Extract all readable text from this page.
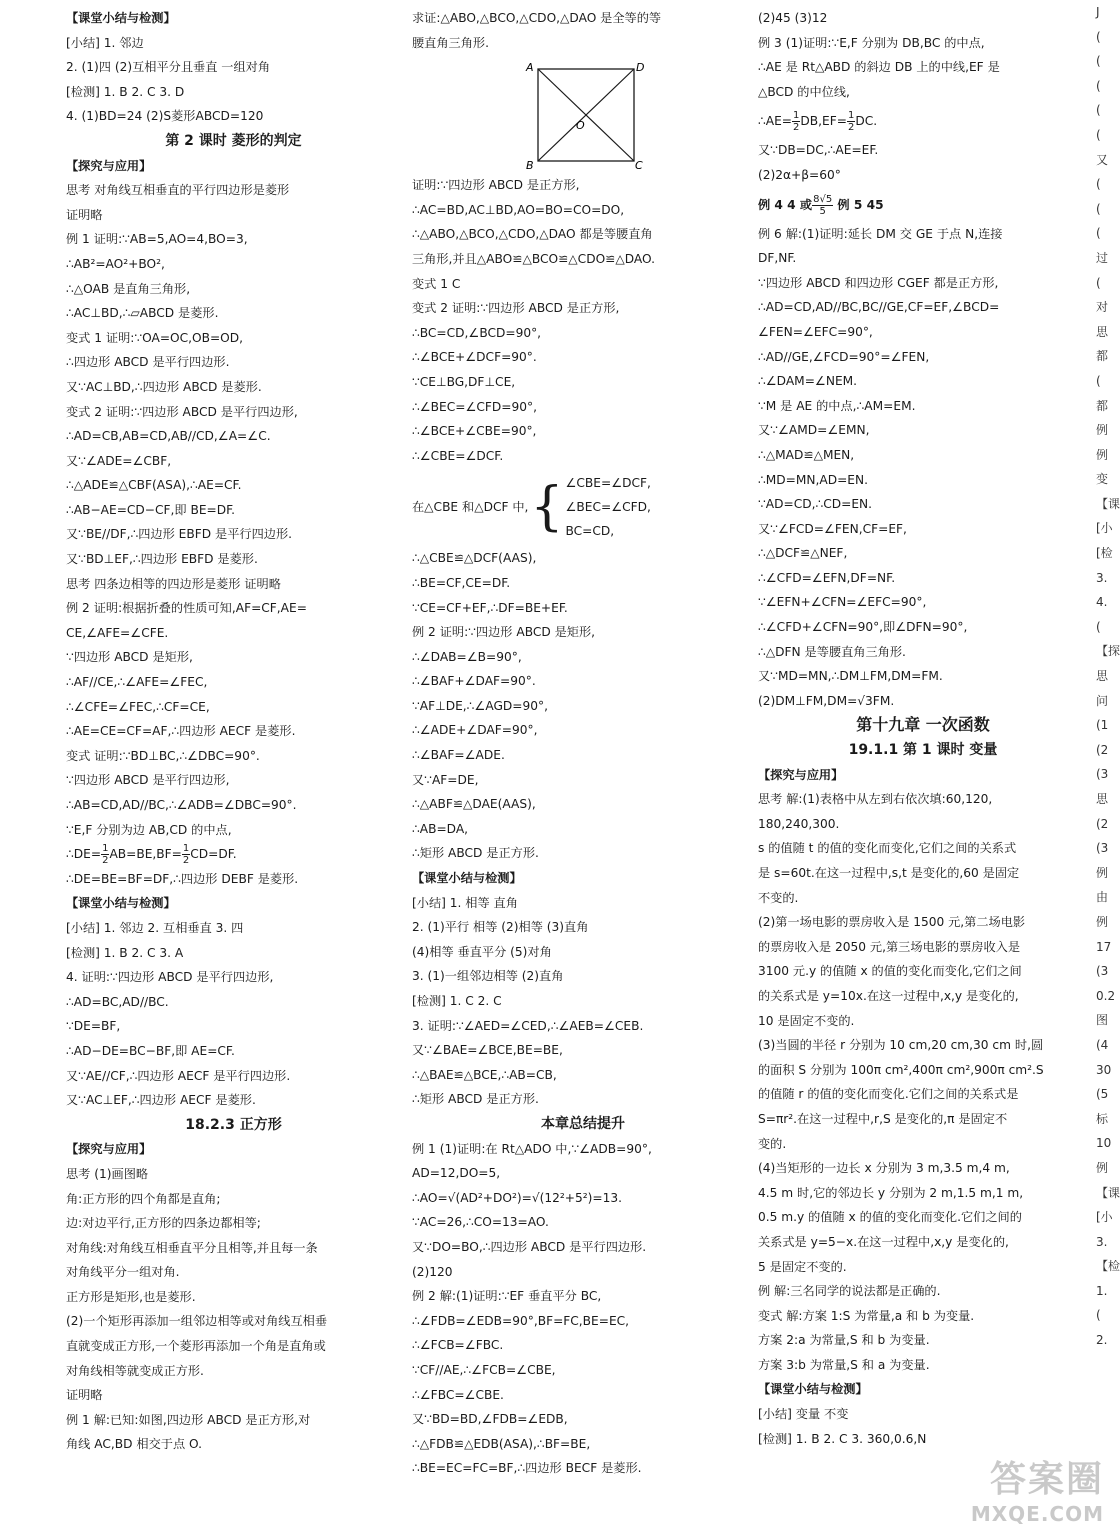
【课堂小结与检测】
[小结] 1. 邻边
2. (1)四 (2)互相平分且垂直 一组对角
[检测] 1. B 2. C 3. D
4. (1)BD=24 (2)S菱形ABCD=120
第 2 课时 菱形的判定
【探究与应用】
思考 对角线互相垂直的平行四边形是菱形
证明略
例 1 证明:∵AB=5,AO=4,BO=3,
∴AB²=AO²+BO²,
∴△OAB 是直角三角形,
∴AC⊥BD,∴▱ABCD 是菱形.
变式 1 证明:∵OA=OC,OB=OD,
∴四边形 ABCD 是平行四边形.
又∵AC⊥BD,∴四边形 ABCD 是菱形.
变式 2 证明:∵四边形 ABCD 是平行四边形,
∴AD=CB,AB=CD,AB//CD,∠A=∠C.
又∵∠ADE=∠CBF,
∴△ADE≌△CBF(ASA),∴AE=CF.
∴AB−AE=CD−CF,即 BE=DF.
又∵BE//DF,∴四边形 EBFD 是平行四边形.
又∵BD⊥EF,∴四边形 EBFD 是菱形.
思考 四条边相等的四边形是菱形 证明略
例 2 证明:根据折叠的性质可知,AF=CF,AE=
CE,∠AFE=∠CFE.
∵四边形 ABCD 是矩形,
∴AF//CE,∴∠AFE=∠FEC,
∴∠CFE=∠FEC,∴CF=CE,
∴AE=CE=CF=AF,∴四边形 AECF 是菱形.
变式 证明:∵BD⊥BC,∴∠DBC=90°.
∵四边形 ABCD 是平行四边形,
∴AB=CD,AD//BC,∴∠ADB=∠DBC=90°.
∵E,F 分别为边 AB,CD 的中点,
∴DE= $\frac{1}{2} AB=BE,BF= \frac{1}{2} CD=DF$.
∴DE=BE=BF=DF,∴四边形 DEBF 是菱形.
【课堂小结与检测】
[小结] 1. 邻边 2. 互相垂直 3. 四
[检测] 1. B 2. C 3. A
4. 证明:∵四边形 ABCD 是平行四边形,
∴AD=BC,AD//BC.
∵DE=BF,
∴AD−DE=BC−BF,即 AE=CF.
又∵AE//CF,∴四边形 AECF 是平行四边形.
又∵AC⊥EF,∴四边形 AECF 是菱形.
18.2.3 正方形
【探究与应用】
思考 (1)画图略
角:正方形的四个角都是直角;
边:对边平行,正方形的四条边都相等;
对角线:对角线互相垂直平分且相等,并且每一条
对角线平分一组对角.
正方形是矩形,也是菱形.
(2)一个矩形再添加一组邻边相等或对角线互相垂
直就变成正方形,一个菱形再添加一个角是直角或
对角线相等就变成正方形.
证明略
例 1 解:已知:如图,四边形 ABCD 是正方形,对
角线 AC,BD 相交于点 O.
求证:△ABO,△BCO,△CDO,△DAO 是全等的等
腰直角三角形.
A	D
B	C
O
证明:∵四边形 ABCD 是正方形,
∴AC=BD,AC⊥BD,AO=BO=CO=DO,
∴△ABO,△BCO,△CDO,△DAO 都是等腰直角
三角形,并且△ABO≌△BCO≌△CDO≌△DAO.
变式 1 C
变式 2 证明:∵四边形 ABCD 是正方形,
∴BC=CD,∠BCD=90°,
∴∠BCE+∠DCF=90°.
∵CE⊥BG,DF⊥CE,
∴∠BEC=∠CFD=90°,
∴∠BCE+∠CBE=90°,
∴∠CBE=∠DCF.
在△CBE 和△DCF 中, { ∠CBE=∠DCF,
∠BEC=∠CFD,
BC=CD,
∴△CBE≌△DCF(AAS),
∴BE=CF,CE=DF.
∵CE=CF+EF,∴DF=BE+EF.
例 2 证明:∵四边形 ABCD 是矩形,
∴∠DAB=∠B=90°,
∴∠BAF+∠DAF=90°.
∵AF⊥DE,∴∠AGD=90°,
∴∠ADE+∠DAF=90°,
∴∠BAF=∠ADE.
又∵AF=DE,
∴△ABF≌△DAE(AAS),
∴AB=DA,
∴矩形 ABCD 是正方形.
【课堂小结与检测】
[小结] 1. 相等 直角
2. (1)平行 相等 (2)相等 (3)直角
(4)相等 垂直平分 (5)对角
3. (1)一组邻边相等 (2)直角
[检测] 1. C 2. C
3. 证明:∵∠AED=∠CED,∴∠AEB=∠CEB.
又∵∠BAE=∠BCE,BE=BE,
∴△BAE≌△BCE,∴AB=CB,
∴矩形 ABCD 是正方形.
本章总结提升
例 1 (1)证明:在 Rt△ADO 中,∵∠ADB=90°,
AD=12,DO=5,
∴AO=√(AD²+DO²)=√(12²+5²)=13.
∵AC=26,∴CO=13=AO.
又∵DO=BO,∴四边形 ABCD 是平行四边形.
(2)120
例 2 解:(1)证明:∵EF 垂直平分 BC,
∴∠FDB=∠EDB=90°,BF=FC,BE=EC,
∴∠FCB=∠FBC.
∵CF//AE,∴∠FCB=∠CBE,
∴∠FBC=∠CBE.
又∵BD=BD,∠FDB=∠EDB,
∴△FDB≌△EDB(ASA),∴BF=BE,
∴BE=EC=FC=BF,∴四边形 BECF 是菱形.
(2)45 (3)12
例 3 (1)证明:∵E,F 分别为 DB,BC 的中点,
∴AE 是 Rt△ABD 的斜边 DB 上的中线,EF 是
△BCD 的中位线,
∴AE= $\frac{1}{2} DB,EF= \frac{1}{2}$ DC.
又∵DB=DC,∴AE=EF.
(2)2α+β=60°
例 4 4 或 $\frac{8√5}{5}$ 例 5 45
例 6 解:(1)证明:延长 DM 交 GE 于点 N,连接
DF,NF.
∵四边形 ABCD 和四边形 CGEF 都是正方形,
∴AD=CD,AD//BC,BC//GE,CF=EF,∠BCD=
∠FEN=∠EFC=90°,
∴AD//GE,∠FCD=90°=∠FEN,
∴∠DAM=∠NEM.
∵M 是 AE 的中点,∴AM=EM.
又∵∠AMD=∠EMN,
∴△MAD≌△MEN,
∴MD=MN,AD=EN.
∵AD=CD,∴CD=EN.
又∵∠FCD=∠FEN,CF=EF,
∴△DCF≌△NEF,
∴∠CFD=∠EFN,DF=NF.
∵∠EFN+∠CFN=∠EFC=90°,
∴∠CFD+∠CFN=90°,即∠DFN=90°,
∴△DFN 是等腰直角三角形.
又∵MD=MN,∴DM⊥FM,DM=FM.
(2)DM⊥FM,DM=√3FM.
第十九章 一次函数
19.1.1 第 1 课时 变量
【探究与应用】
思考 解:(1)表格中从左到右依次填:60,120,
180,240,300.
s 的值随 t 的值的变化而变化,它们之间的关系式
是 s=60t.在这一过程中,s,t 是变化的,60 是固定
不变的.
(2)第一场电影的票房收入是 1500 元,第二场电影
的票房收入是 2050 元,第三场电影的票房收入是
3100 元.y 的值随 x 的值的变化而变化,它们之间
的关系式是 y=10x.在这一过程中,x,y 是变化的,
10 是固定不变的.
(3)当圆的半径 r 分别为 10 cm,20 cm,30 cm 时,圆
的面积 S 分别为 100π cm²,400π cm²,900π cm².S
的值随 r 的值的变化而变化.它们之间的关系式是
S=πr².在这一过程中,r,S 是变化的,π 是固定不
变的.
(4)当矩形的一边长 x 分别为 3 m,3.5 m,4 m,
4.5 m 时,它的邻边长 y 分别为 2 m,1.5 m,1 m,
0.5 m.y 的值随 x 的值的变化而变化.它们之间的
关系式是 y=5−x.在这一过程中,x,y 是变化的,
5 是固定不变的.
例 解:三名同学的说法都是正确的.
变式 解:方案 1:S 为常量,a 和 b 为变量.
方案 2:a 为常量,S 和 b 为变量.
方案 3:b 为常量,S 和 a 为变量.
【课堂小结与检测】
[小结] 变量 不变
[检测] 1. B 2. C 3. 360,0.6,N
J
(
(
(
(
(
又
(
(
(
过
(
对
思
都
(
都
例
例
变
【课
[小
[检
3.
4.
(
【探
思
问
(1
(2
(3
思
(2
(3
例
由
例
17
(3
0.2
图
(4
30
(5
标
10
例
【课
[小
3.
【检
1.
(
2.
答案圈
MXQE.COM
